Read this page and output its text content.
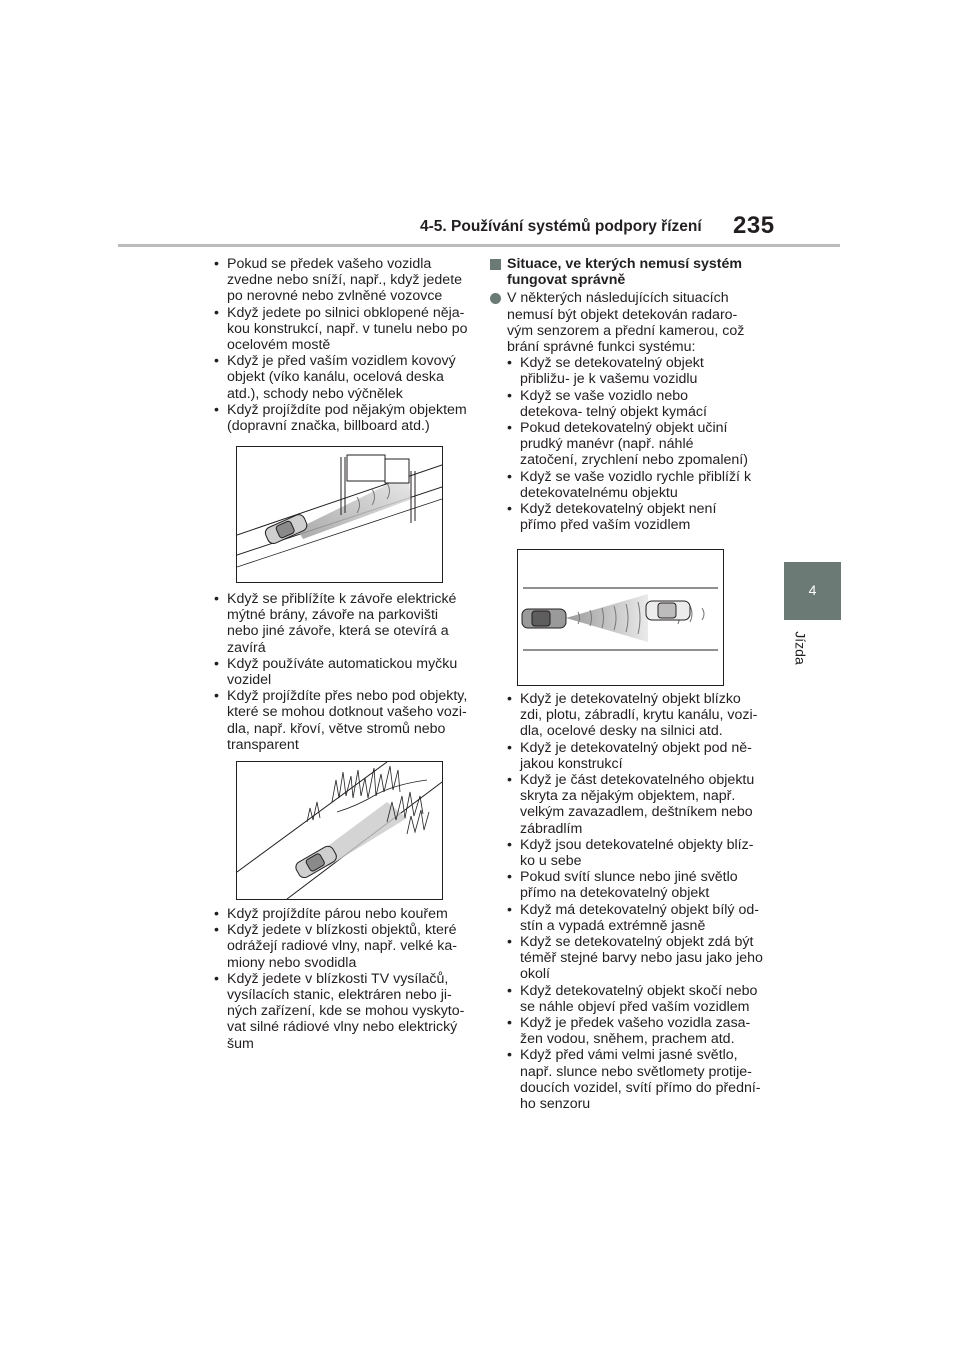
4-5. Používání systémů podpory řízení 235
4
Jízda
• Pokud se předek vašeho vozidla zvedne nebo sníží, např., když jedete po nerovné nebo zvlněné vozovce
• Když jedete po silnici obklopené něja- kou konstrukcí, např. v tunelu nebo po ocelovém mostě
• Když je před vaším vozidlem kovový objekt (víko kanálu, ocelová deska atd.), schody nebo výčnělek
• Když projíždíte pod nějakým objektem (dopravní značka, billboard atd.)
• Když se přiblížíte k závoře elektrické mýtné brány, závoře na parkovišti nebo jiné závoře, která se otevírá a zavírá
• Když používáte automatickou myčku vozidel
• Když projíždíte přes nebo pod objekty, které se mohou dotknout vašeho vozi- dla, např. křoví, větve stromů nebo transparent
• Když projíždíte párou nebo kouřem
• Když jedete v blízkosti objektů, které odrážejí radiové vlny, např. velké ka- miony nebo svodidla
• Když jedete v blízkosti TV vysílačů, vysílacích stanic, elektráren nebo ji- ných zařízení, kde se mohou vyskyto- vat silné rádiové vlny nebo elektrický šum
Situace, ve kterých nemusí systém fungovat správně
V některých následujících situacích nemusí být objekt detekován radaro- vým senzorem a přední kamerou, což brání správné funkci systému:
• Když se detekovatelný objekt přibližu- je k vašemu vozidlu
• Když se vaše vozidlo nebo detekova- telný objekt kymácí
• Pokud detekovatelný objekt učiní prudký manévr (např. náhlé zatočení, zrychlení nebo zpomalení)
• Když se vaše vozidlo rychle přiblíží k detekovatelnému objektu
• Když detekovatelný objekt není přímo před vaším vozidlem
• Když je detekovatelný objekt blízko zdi, plotu, zábradlí, krytu kanálu, vozi- dla, ocelové desky na silnici atd.
• Když je detekovatelný objekt pod ně- jakou konstrukcí
• Když je část detekovatelného objektu skryta za nějakým objektem, např. velkým zavazadlem, deštníkem nebo zábradlím
• Když jsou detekovatelné objekty blíz- ko u sebe
• Pokud svítí slunce nebo jiné světlo přímo na detekovatelný objekt
• Když má detekovatelný objekt bílý od- stín a vypadá extrémně jasně
• Když se detekovatelný objekt zdá být téměř stejné barvy nebo jasu jako jeho okolí
• Když detekovatelný objekt skočí nebo se náhle objeví před vaším vozidlem
• Když je předek vašeho vozidla zasa- žen vodou, sněhem, prachem atd.
• Když před vámi velmi jasné světlo, např. slunce nebo světlomety protije- doucích vozidel, svítí přímo do přední- ho senzoru
